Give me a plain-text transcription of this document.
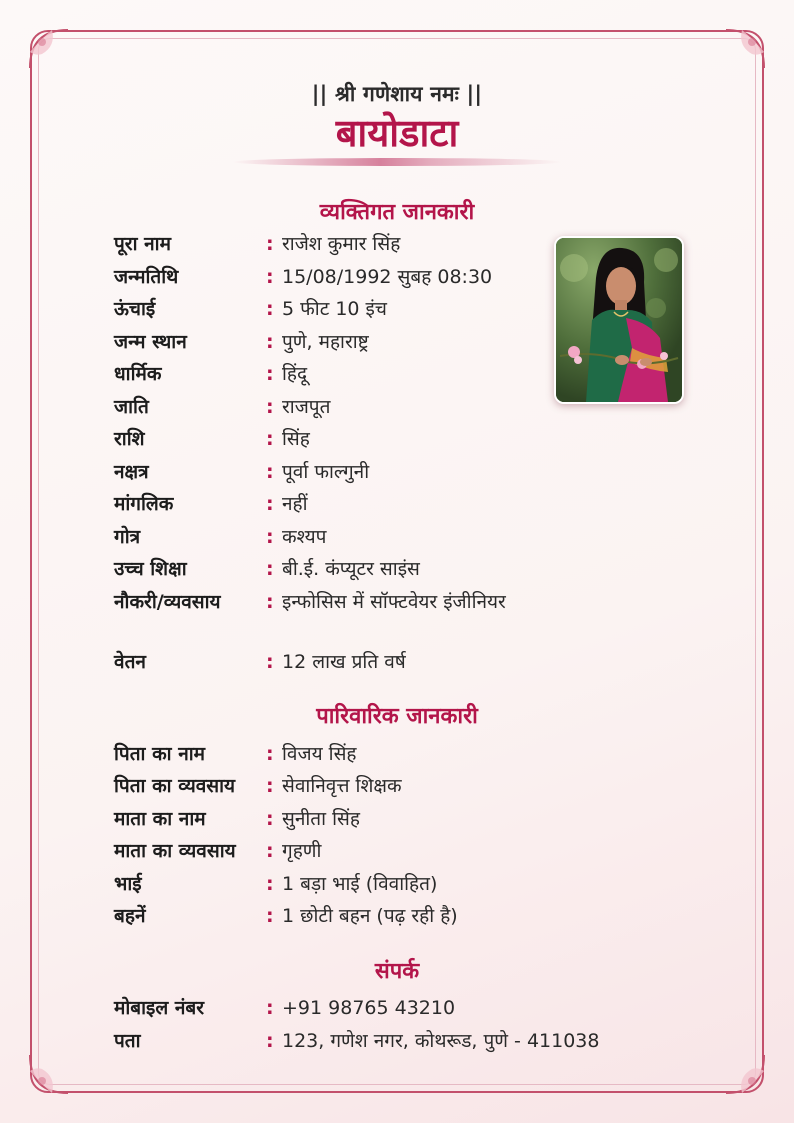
|| श्री गणेशाय नमः ||
बायोडाटा
व्यक्तिगत जानकारी
पूरा नाम	: राजेश कुमार सिंह
जन्मतिथि	: 15/08/1992 सुबह 08:30
ऊंचाई	: 5 फीट 10 इंच
जन्म स्थान	: पुणे, महाराष्ट्र
धार्मिक	: हिंदू
जाति	: राजपूत
राशि	: सिंह
नक्षत्र	: पूर्वा फाल्गुनी
मांगलिक	: नहीं
गोत्र	: कश्यप
उच्च शिक्षा	: बी.ई. कंप्यूटर साइंस
नौकरी/व्यवसाय	: इन्फोसिस में सॉफ्टवेयर इंजीनियर
वेतन	: 12 लाख प्रति वर्ष
पारिवारिक जानकारी
पिता का नाम	: विजय सिंह
पिता का व्यवसाय	: सेवानिवृत्त शिक्षक
माता का नाम	: सुनीता सिंह
माता का व्यवसाय	: गृहणी
भाई	: 1 बड़ा भाई (विवाहित)
बहनें	: 1 छोटी बहन (पढ़ रही है)
संपर्क
मोबाइल नंबर	: +91 98765 43210
पता	: 123, गणेश नगर, कोथरूड, पुणे - 411038
